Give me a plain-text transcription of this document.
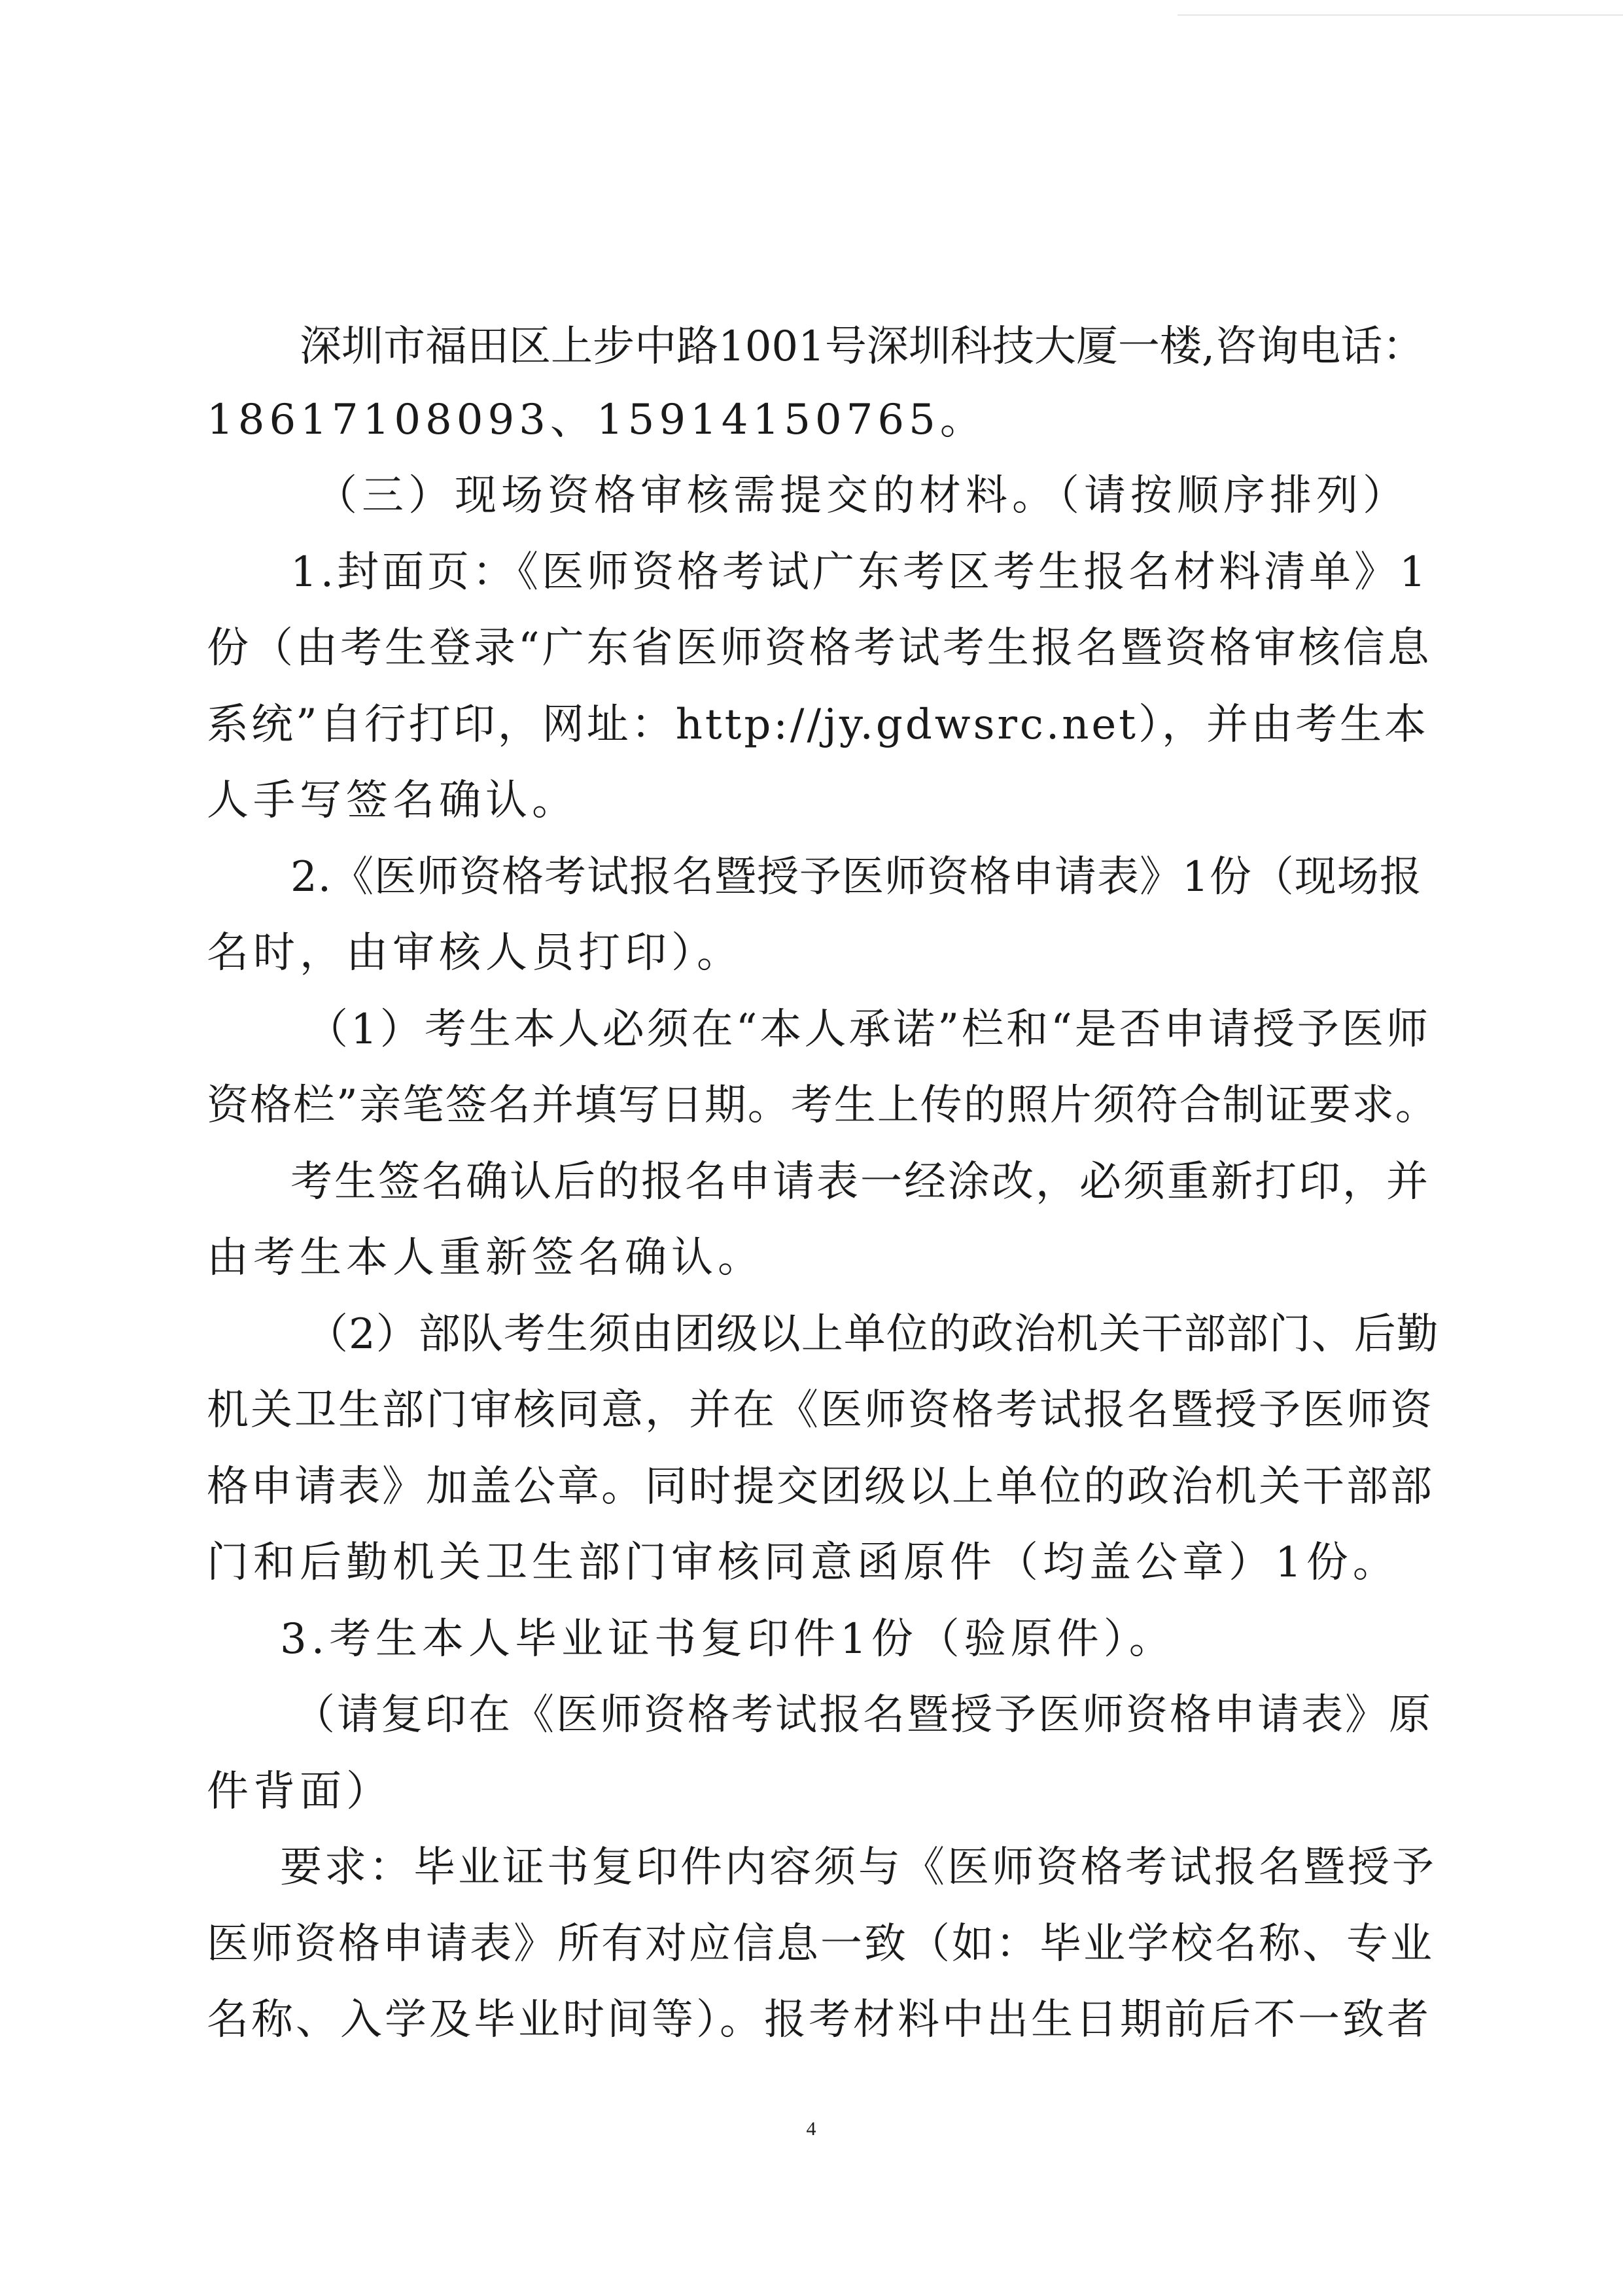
深圳市福田区上步中路1001号深圳科技大厦一楼,咨询电话：
18617108093、15914150765。
（三）现场资格审核需提交的材料。（请按顺序排列）
1.封面页：《医师资格考试广东考区考生报名材料清单》1
份（由考生登录“广东省医师资格考试考生报名暨资格审核信息
系统”自行打印，网址：http://jy.gdwsrc.net），并由考生本
人手写签名确认。
2.《医师资格考试报名暨授予医师资格申请表》1份（现场报
名时，由审核人员打印）。
（1）考生本人必须在“本人承诺”栏和“是否申请授予医师
资格栏”亲笔签名并填写日期。考生上传的照片须符合制证要求。
考生签名确认后的报名申请表一经涂改，必须重新打印，并
由考生本人重新签名确认。
（2）部队考生须由团级以上单位的政治机关干部部门、后勤
机关卫生部门审核同意，并在《医师资格考试报名暨授予医师资
格申请表》加盖公章。同时提交团级以上单位的政治机关干部部
门和后勤机关卫生部门审核同意函原件（均盖公章）1份。
3.考生本人毕业证书复印件1份（验原件）。
（请复印在《医师资格考试报名暨授予医师资格申请表》原
件背面）
要求：毕业证书复印件内容须与《医师资格考试报名暨授予
医师资格申请表》所有对应信息一致（如：毕业学校名称、专业
名称、入学及毕业时间等）。报考材料中出生日期前后不一致者
4
